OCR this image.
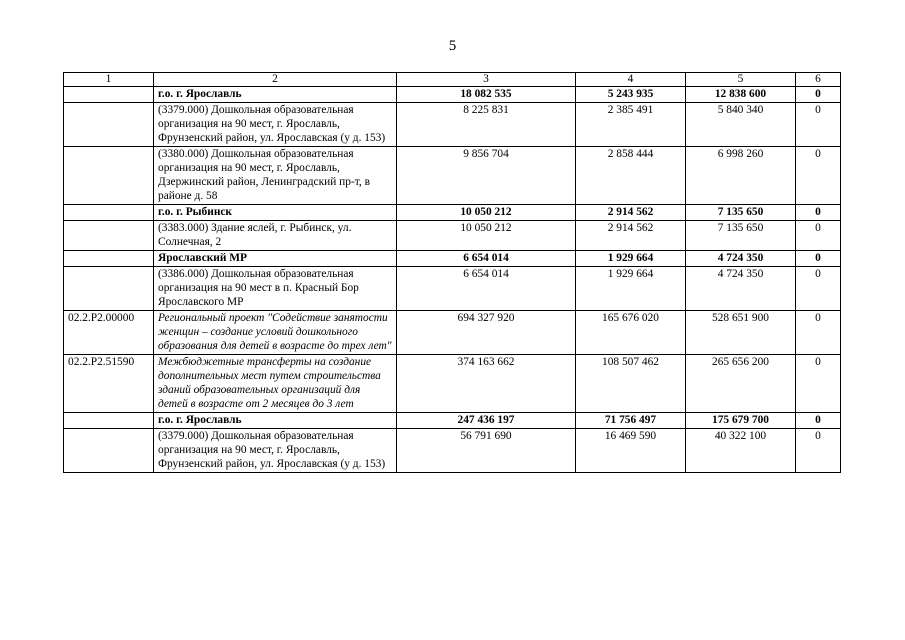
5
1	2	3	4	5	6
	г.о. г. Ярославль	18 082 535	5 243 935	12 838 600	0
	(3379.000) Дошкольная образовательная организация на 90 мест, г. Ярославль, Фрунзенский район, ул. Ярославская (у д. 153)	8 225 831	2 385 491	5 840 340	0
	(3380.000) Дошкольная образовательная организация на 90 мест, г. Ярославль, Дзержинский район, Ленинградский пр-т, в районе д. 58	9 856 704	2 858 444	6 998 260	0
	г.о. г. Рыбинск	10 050 212	2 914 562	7 135 650	0
	(3383.000) Здание яслей, г. Рыбинск, ул. Солнечная, 2	10 050 212	2 914 562	7 135 650	0
	Ярославский МР	6 654 014	1 929 664	4 724 350	0
	(3386.000) Дошкольная образовательная организация на 90 мест в п. Красный Бор Ярославского МР	6 654 014	1 929 664	4 724 350	0
02.2.P2.00000	Региональный проект "Содействие занятости женщин – создание условий дошкольного образования для детей в возрасте до трех лет"	694 327 920	165 676 020	528 651 900	0
02.2.P2.51590	Межбюджетные трансферты на создание дополнительных мест путем строительства зданий образовательных организаций для детей в возрасте от 2 месяцев до 3 лет	374 163 662	108 507 462	265 656 200	0
	г.о. г. Ярославль	247 436 197	71 756 497	175 679 700	0
	(3379.000) Дошкольная образовательная организация на 90 мест, г. Ярославль, Фрунзенский район, ул. Ярославская (у д. 153)	56 791 690	16 469 590	40 322 100	0
